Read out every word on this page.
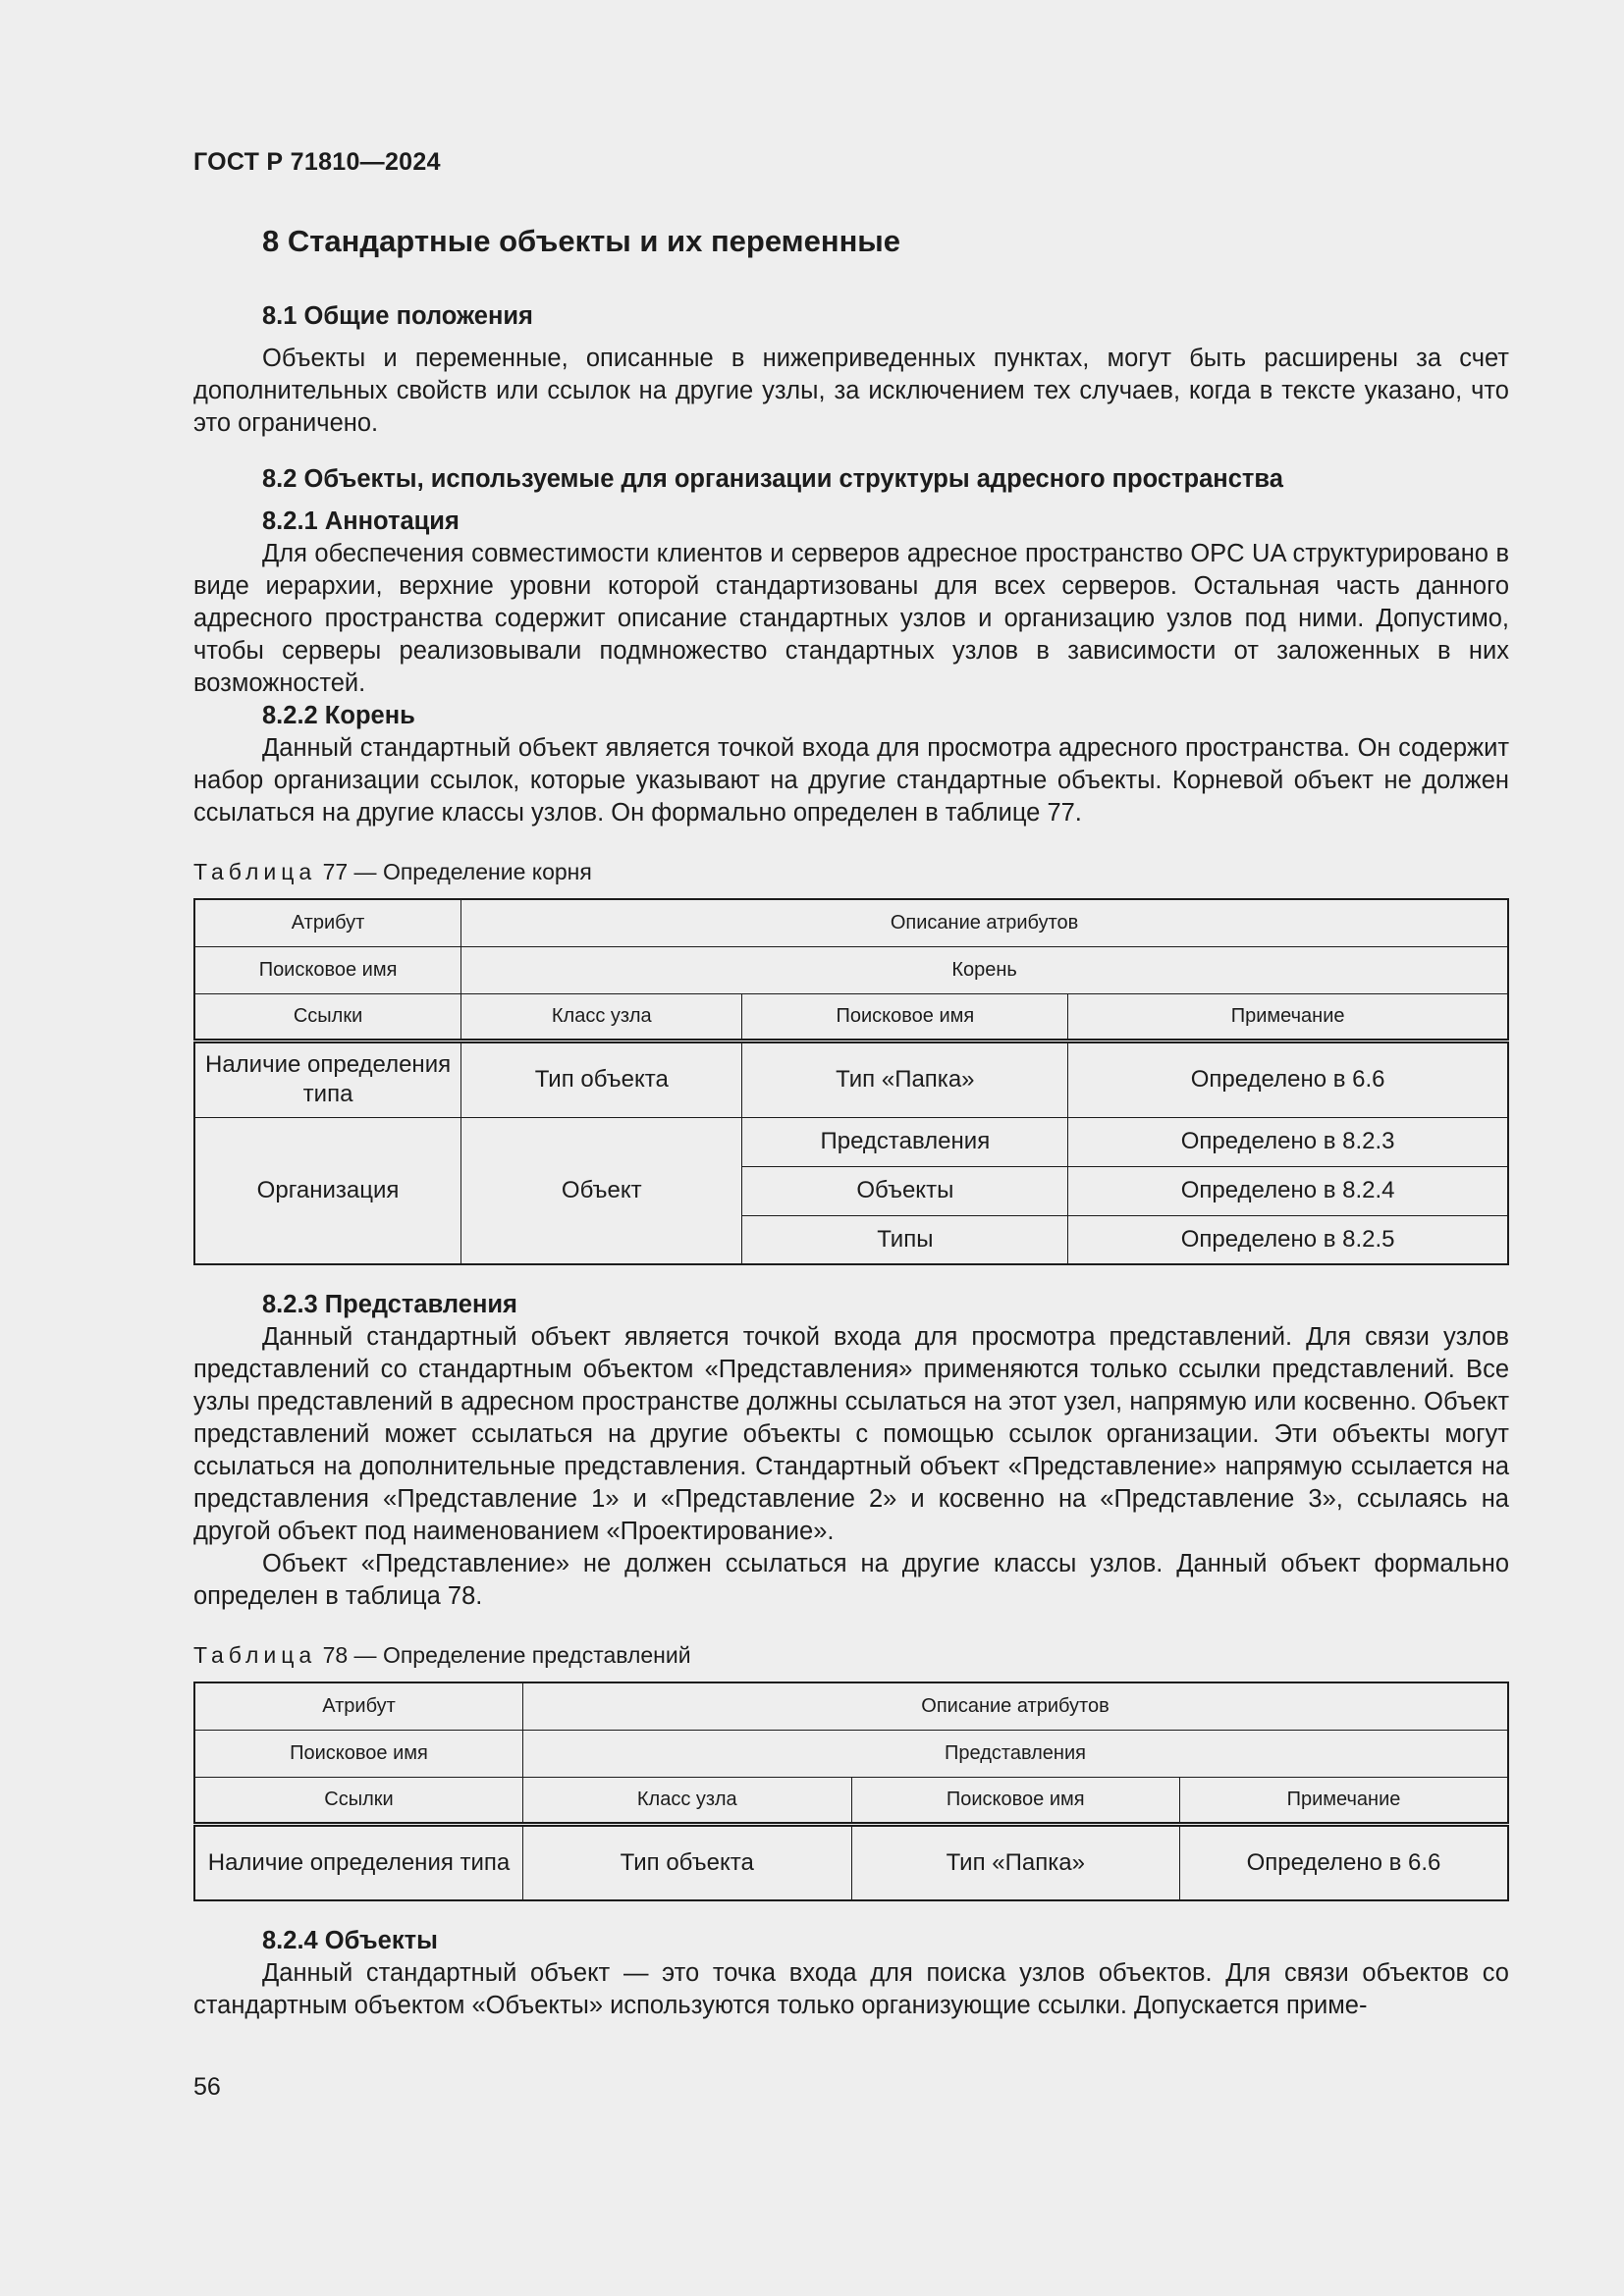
ГОСТ Р 71810—2024
8 Стандартные объекты и их переменные
8.1 Общие положения

Объекты и переменные, описанные в нижеприведенных пунктах, могут быть расширены за счет дополнительных свойств или ссылок на другие узлы, за исключением тех случаев, когда в тексте указано, что это ограничено.

8.2 Объекты, используемые для организации структуры адресного пространства
8.2.1 Аннотация

Для обеспечения совместимости клиентов и серверов адресное пространство OPC UA структурировано в виде иерархии, верхние уровни которой стандартизованы для всех серверов. Остальная часть данного адресного пространства содержит описание стандартных узлов и организацию узлов под ними. Допустимо, чтобы серверы реализовывали подмножество стандартных узлов в зависимости от заложенных в них возможностей.

8.2.2 Корень

Данный стандартный объект является точкой входа для просмотра адресного пространства. Он содержит набор организации ссылок, которые указывают на другие стандартные объекты. Корневой объект не должен ссылаться на другие классы узлов. Он формально определен в таблице 77.

Таблица 77 — Определение корня
Атрибут	Описание атрибутов		
Поисковое имя	Корень		
Ссылки	Класс узла	Поисковое имя	Примечание
Наличие определения типа	Тип объекта	Тип «Папка»	Определено в 6.6
Организация	Объект	Представления	Определено в 8.2.3
		Объекты	Определено в 8.2.4
		Типы	Определено в 8.2.5
8.2.3 Представления

Данный стандартный объект является точкой входа для просмотра представлений. Для связи узлов представлений со стандартным объектом «Представления» применяются только ссылки представлений. Все узлы представлений в адресном пространстве должны ссылаться на этот узел, напрямую или косвенно. Объект представлений может ссылаться на другие объекты с помощью ссылок организации. Эти объекты могут ссылаться на дополнительные представления. Стандартный объект «Представление» напрямую ссылается на представления «Представление 1» и «Представление 2» и косвенно на «Представление 3», ссылаясь на другой объект под наименованием «Проектирование».

Объект «Представление» не должен ссылаться на другие классы узлов. Данный объект формально определен в таблица 78.

Таблица 78 — Определение представлений
Атрибут	Описание атрибутов		
Поисковое имя	Представления		
Ссылки	Класс узла	Поисковое имя	Примечание
Наличие определения типа	Тип объекта	Тип «Папка»	Определено в 6.6
8.2.4 Объекты

Данный стандартный объект — это точка входа для поиска узлов объектов. Для связи объектов со стандартным объектом «Объекты» используются только организующие ссылки. Допускается приме-

56
